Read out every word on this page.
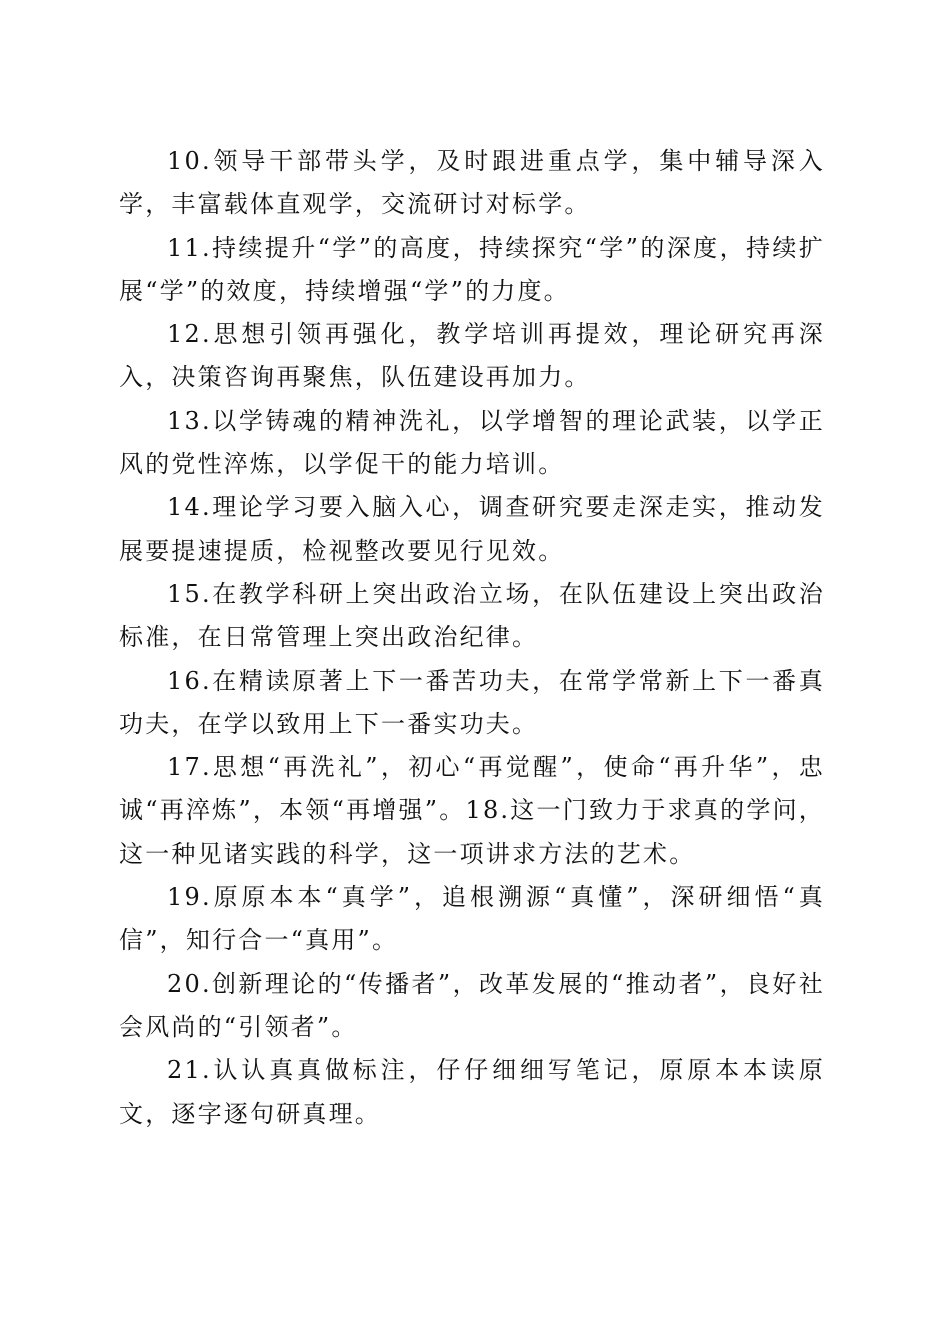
10.领导干部带头学，及时跟进重点学，集中辅导深入学，丰富载体直观学，交流研讨对标学。

11.持续提升“学”的高度，持续探究“学”的深度，持续扩展“学”的效度，持续增强“学”的力度。

12.思想引领再强化，教学培训再提效，理论研究再深入，决策咨询再聚焦，队伍建设再加力。

13.以学铸魂的精神洗礼，以学增智的理论武装，以学正风的党性淬炼，以学促干的能力培训。

14.理论学习要入脑入心，调查研究要走深走实，推动发展要提速提质，检视整改要见行见效。

15.在教学科研上突出政治立场，在队伍建设上突出政治标准，在日常管理上突出政治纪律。

16.在精读原著上下一番苦功夫，在常学常新上下一番真功夫，在学以致用上下一番实功夫。

17.思想“再洗礼”，初心“再觉醒”，使命“再升华”，忠诚“再淬炼”，本领“再增强”。18.这一门致力于求真的学问，这一种见诸实践的科学，这一项讲求方法的艺术。

19.原原本本“真学”，追根溯源“真懂”，深研细悟“真信”，知行合一“真用”。

20.创新理论的“传播者”，改革发展的“推动者”，良好社会风尚的“引领者”。

21.认认真真做标注，仔仔细细写笔记，原原本本读原文，逐字逐句研真理。
